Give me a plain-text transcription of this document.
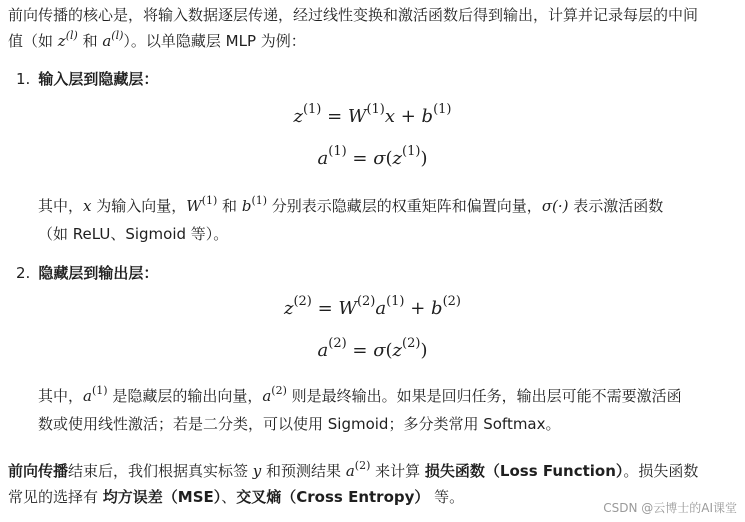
前向传播的核心是，将输入数据逐层传递，经过线性变换和激活函数后得到输出，计算并记录每层的中间
值（如 $z^{(l)}$ 和 $a^{(l)}$）。以单隐藏层 MLP 为例：
1. 输入层到隐藏层：
$z^{(1)} = W^{(1)}x + b^{(1)}$
$a^{(1)} = \sigma(z^{(1)})$
其中，x 为输入向量，$W^{(1)}$ 和 $b^{(1)}$ 分别表示隐藏层的权重矩阵和偏置向量，σ(·) 表示激活函数
（如 ReLU、Sigmoid 等）。
2. 隐藏层到输出层：
$z^{(2)} = W^{(2)}a^{(1)} + b^{(2)}$
$a^{(2)} = \sigma(z^{(2)})$
其中，$a^{(1)}$ 是隐藏层的输出向量，$a^{(2)}$ 则是最终输出。如果是回归任务，输出层可能不需要激活函
数或使用线性激活；若是二分类，可以使用 Sigmoid；多分类常用 Softmax。
前向传播结束后，我们根据真实标签 y 和预测结果 $a^{(2)}$ 来计算 损失函数（Loss Function）。损失函数
常见的选择有 均方误差（MSE）、交叉熵（Cross Entropy） 等。
CSDN @云博士的AI课堂
